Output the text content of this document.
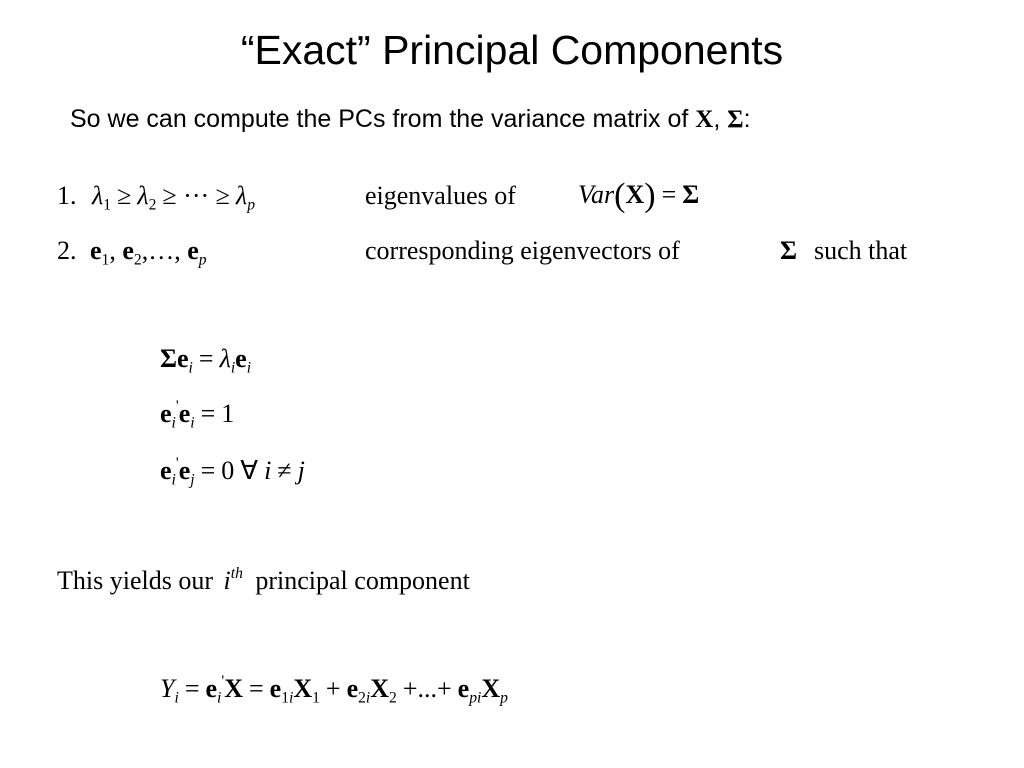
“Exact” Principal Components
So we can compute the PCs from the variance matrix of X, Σ:
1. $\lambda_1 \ge \lambda_2$ ≥ ··· ≥ $\lambda_p$	eigenvalues of Var(X) = Σ
2. $e_1$, $e_2,\dots$, $e_p$	corresponding eigenvectors of	Σ such that
$\Sigma e_i = \lambda_ie_i$
$e_i'e_i = 1$
$e_i'e_j = 0$ ∀ i ≠ j
This yields our $i^{th}$ principal component
$Y_i = e_i'X = e_{1i}X_1 + e_{2i}X_2$ +...+ $e_{pi}X_p$
